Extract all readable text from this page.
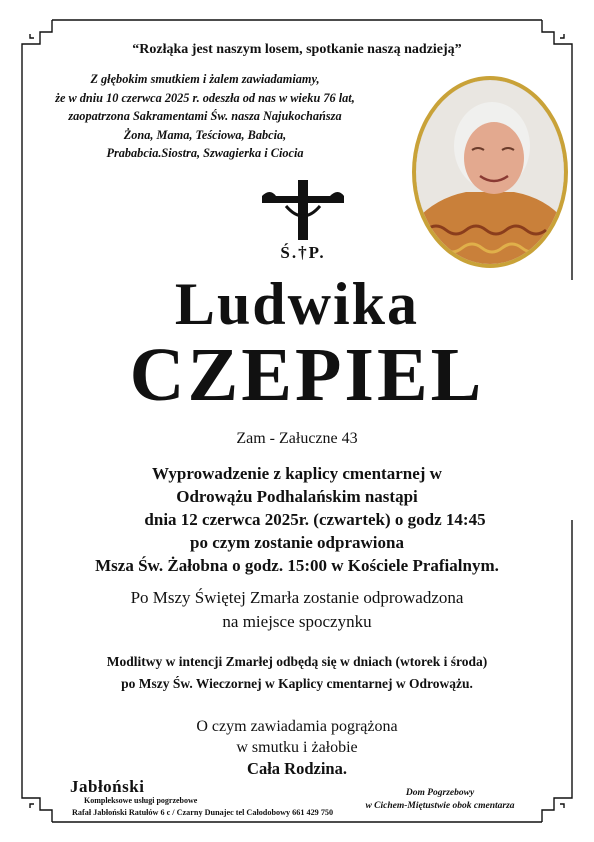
“Rozłąka jest naszym losem, spotkanie naszą nadzieją”
Z głębokim smutkiem i żalem zawiadamiamy,
że w dniu 10 czerwca 2025 r. odeszła od nas w wieku 76 lat,
zaopatrzona Sakramentami Św. nasza Najukochańsza
Żona, Mama, Teściowa, Babcia,
Prababcia.Siostra, Szwagierka i Ciocia
Ś.†P.
Ludwika
CZEPIEL
Zam - Załuczne 43
Wyprowadzenie z kaplicy cmentarnej w
Odrowążu Podhalańskim nastąpi
dnia 12 czerwca 2025r. (czwartek) o godz 14:45
po czym zostanie odprawiona
Msza Św. Żałobna o godz. 15:00 w Kościele Prafialnym.
Po Mszy Świętej Zmarła zostanie odprowadzona
na miejsce spoczynku
Modlitwy w intencji Zmarłej odbędą się w dniach (wtorek i środa)
po Mszy Św. Wieczornej w Kaplicy cmentarnej w Odrowążu.
O czym zawiadamia pogrążona
w smutku i żałobie
Cała Rodzina.
Jabłoński
Kompleksowe usługi pogrzebowe
Rafał Jabłoński Ratułów 6 c / Czarny Dunajec tel Całodobowy 661 429 750
Dom Pogrzebowy
w Cichem-Miętustwie obok cmentarza
